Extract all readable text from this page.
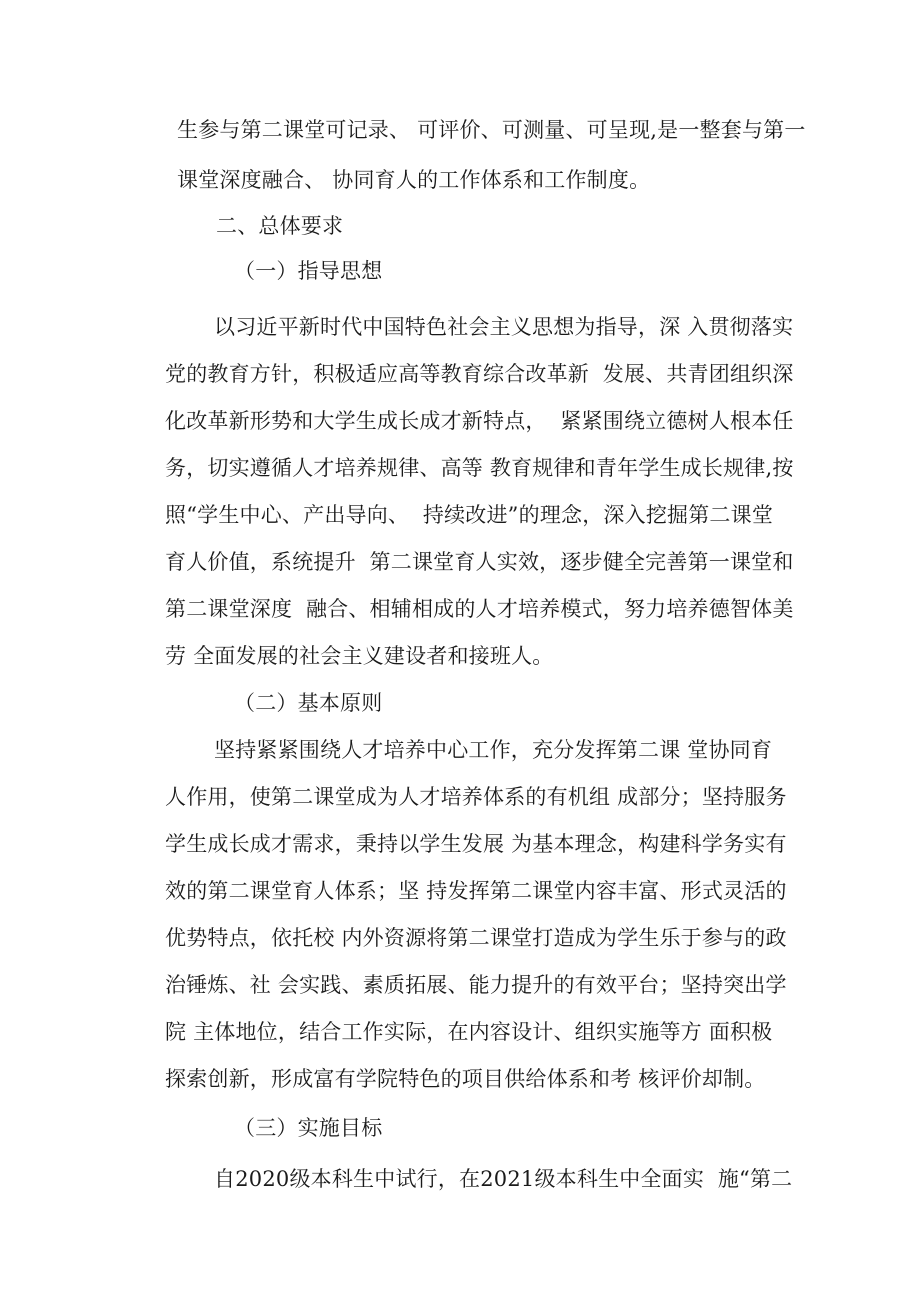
生参与第二课堂可记录、 可评价、可测量、可呈现,是一整套与第一
课堂深度融合、 协同育人的工作体系和工作制度。
二、总体要求
（一）指导思想
以习近平新时代中国特色社会主义思想为指导，深 入贯彻落实
党的教育方针，积极适应高等教育综合改革新  发展、共青团组织深
化改革新形势和大学生成长成才新特点，  紧紧围绕立德树人根本任
务，切实遵循人才培养规律、高等 教育规律和青年学生成长规律,按
照“学生中心、产出导向、  持续改进”的理念，深入挖掘第二课堂
育人价值，系统提升  第二课堂育人实效，逐步健全完善第一课堂和
第二课堂深度  融合、相辅相成的人才培养模式，努力培养德智体美
劳 全面发展的社会主义建设者和接班人。
（二）基本原则
坚持紧紧围绕人才培养中心工作，充分发挥第二课 堂协同育
人作用，使第二课堂成为人才培养体系的有机组 成部分；坚持服务
学生成长成才需求，秉持以学生发展 为基本理念，构建科学务实有
效的第二课堂育人体系；坚 持发挥第二课堂内容丰富、形式灵活的
优势特点，依托校 内外资源将第二课堂打造成为学生乐于参与的政
治锤炼、社 会实践、素质拓展、能力提升的有效平台；坚持突出学
院 主体地位，结合工作实际，在内容设计、组织实施等方 面积极
探索创新，形成富有学院特色的项目供给体系和考 核评价却制。
（三）实施目标
自2020级本科生中试行，在2021级本科生中全面实  施“第二
